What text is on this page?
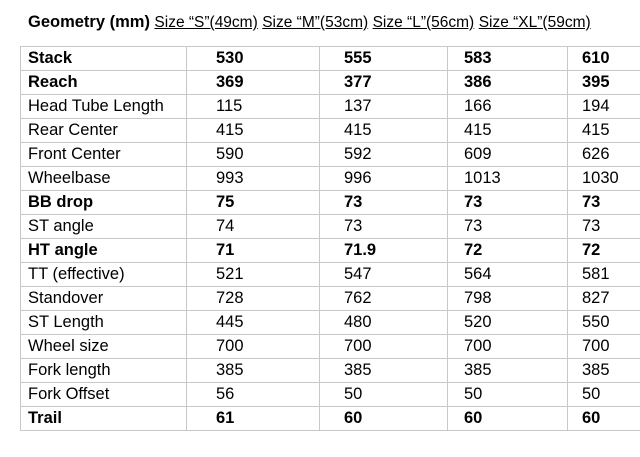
Geometry (mm) Size “S”(49cm) Size “M”(53cm) Size “L”(56cm) Size “XL”(59cm)
Stack	530	555	583	610
Reach	369	377	386	395
Head Tube Length	115	137	166	194
Rear Center	415	415	415	415
Front Center	590	592	609	626
Wheelbase	993	996	1013	1030
BB drop	75	73	73	73
ST angle	74	73	73	73
HT angle	71	71.9	72	72
TT (effective)	521	547	564	581
Standover	728	762	798	827
ST Length	445	480	520	550
Wheel size	700	700	700	700
Fork length	385	385	385	385
Fork Offset	56	50	50	50
Trail	61	60	60	60
